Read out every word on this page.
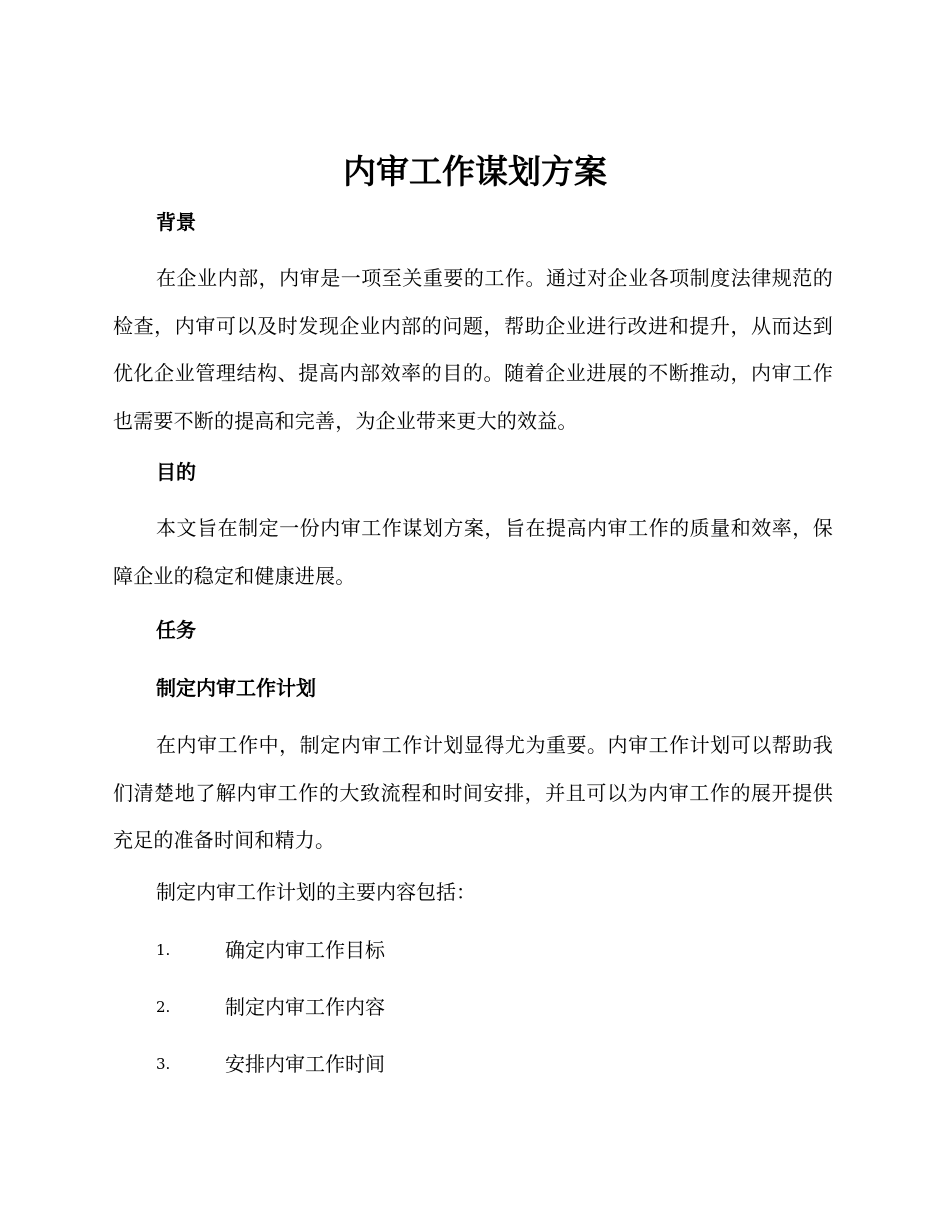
内审工作谋划方案
背景
在企业内部，内审是一项至关重要的工作。通过对企业各项制度法律规范的检查，内审可以及时发现企业内部的问题，帮助企业进行改进和提升，从而达到优化企业管理结构、提高内部效率的目的。随着企业进展的不断推动，内审工作也需要不断的提高和完善，为企业带来更大的效益。
目的
本文旨在制定一份内审工作谋划方案，旨在提高内审工作的质量和效率，保障企业的稳定和健康进展。
任务
制定内审工作计划
在内审工作中，制定内审工作计划显得尤为重要。内审工作计划可以帮助我们清楚地了解内审工作的大致流程和时间安排，并且可以为内审工作的展开提供充足的准备时间和精力。
制定内审工作计划的主要内容包括：
1.	确定内审工作目标
2.	制定内审工作内容
3.	安排内审工作时间
